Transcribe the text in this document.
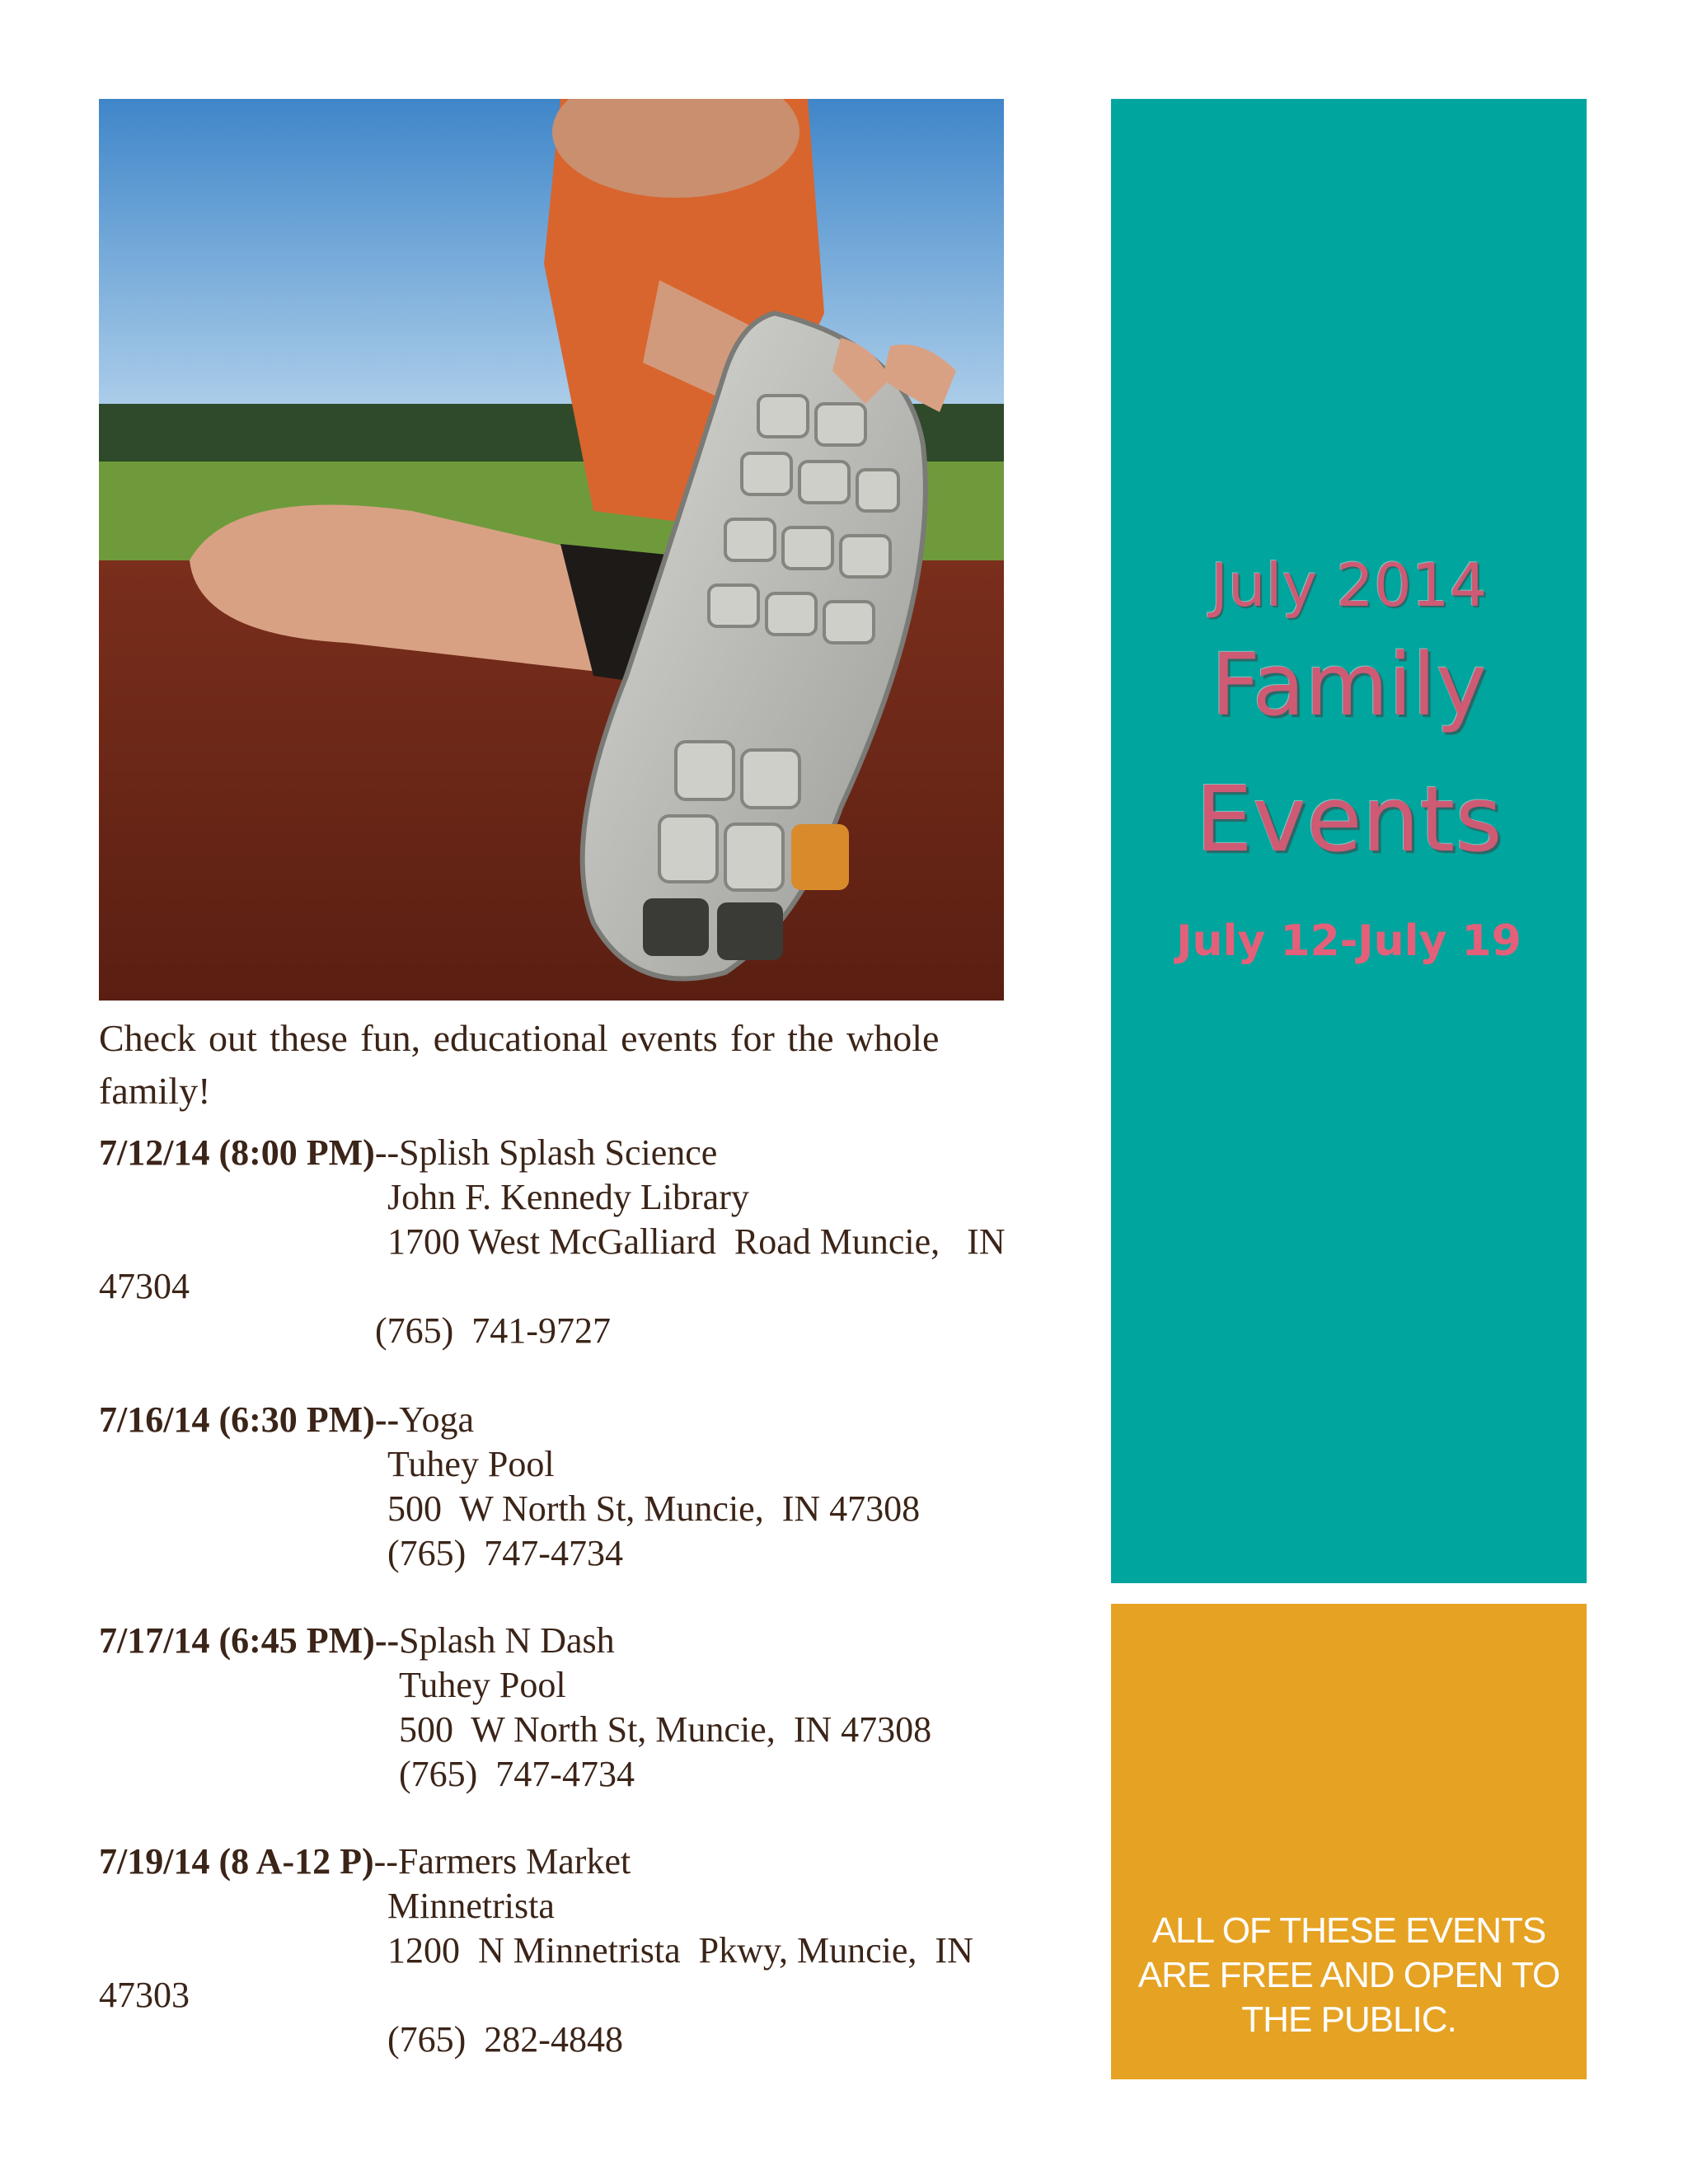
Check out these fun, educational events for the whole family!
7/12/14 (8:00 PM)--Splish Splash Science
John F. Kennedy Library
1700 West McGalliard  Road Muncie,   IN
47304
(765)  741-9727
7/16/14 (6:30 PM)--Yoga
Tuhey Pool
500  W North St, Muncie,  IN 47308
(765)  747-4734
7/17/14 (6:45 PM)--Splash N Dash
Tuhey Pool
500  W North St, Muncie,  IN 47308
(765)  747-4734
7/19/14 (8 A-12 P)--Farmers Market
Minnetrista
1200  N Minnetrista  Pkwy, Muncie,  IN
47303
(765)  282-4848
July 2014
Family
Events
July 12-July 19
ALL OF THESE EVENTS ARE FREE AND OPEN TO THE PUBLIC.
